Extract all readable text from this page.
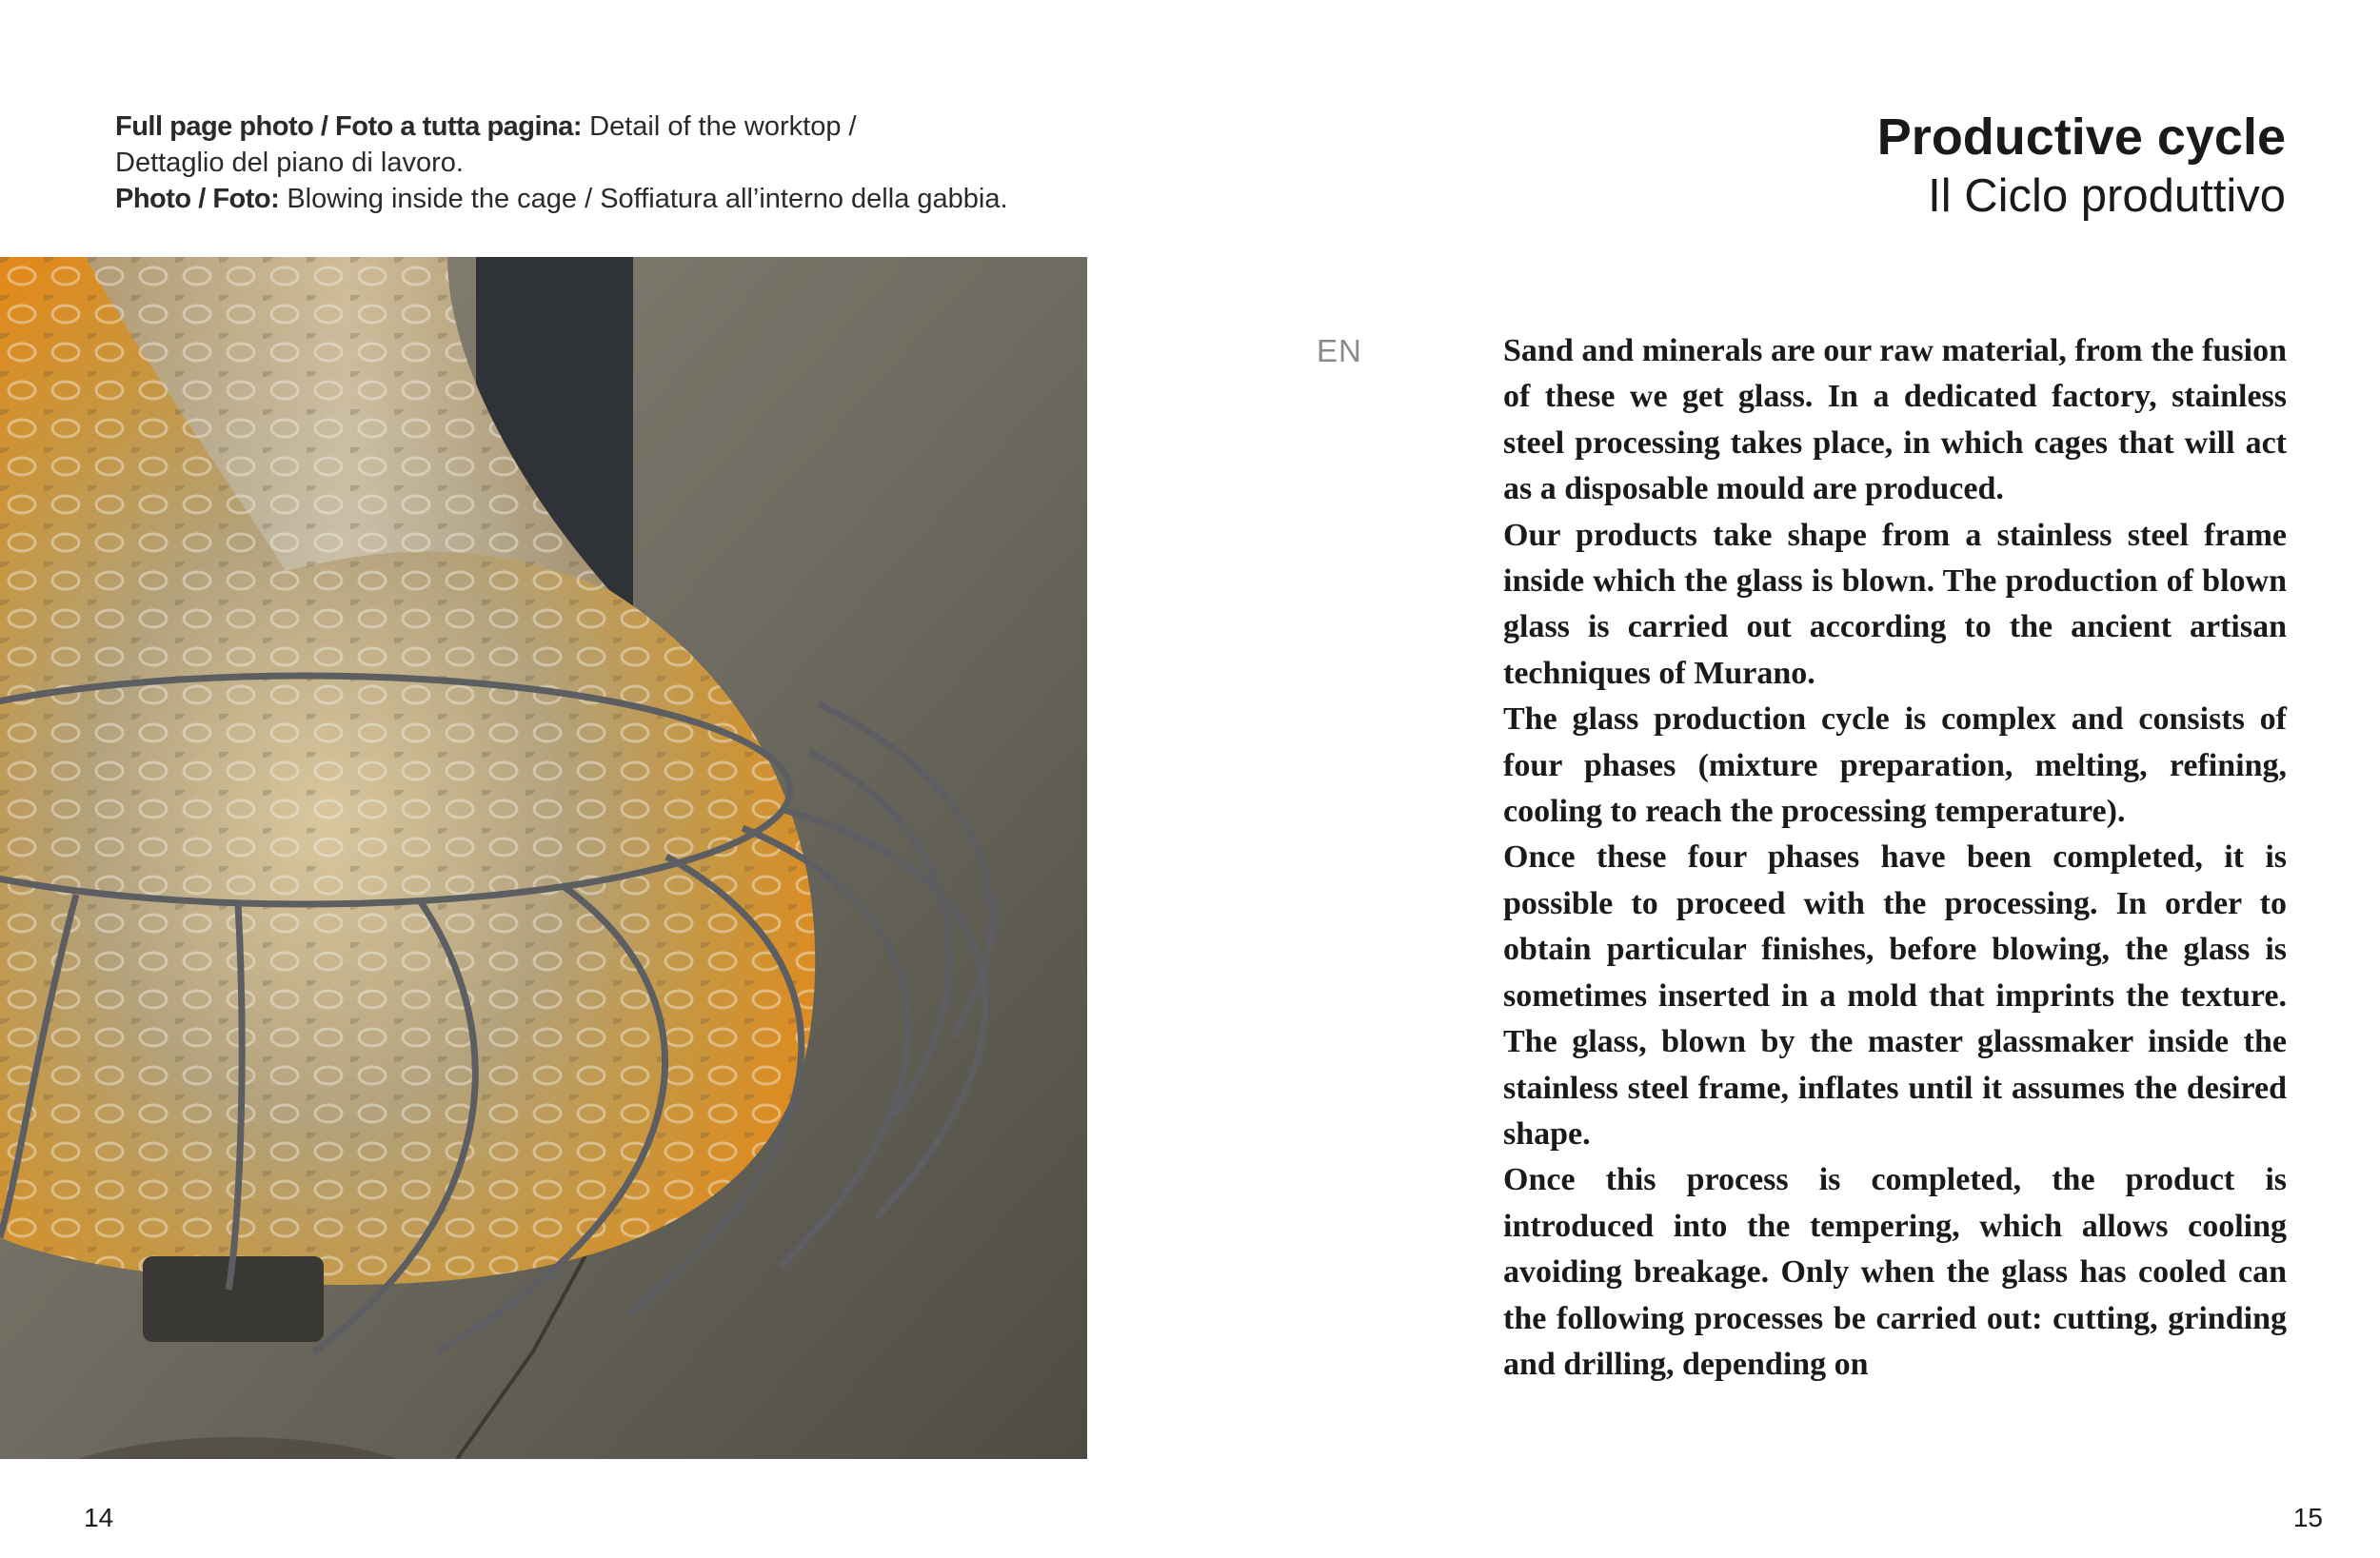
Full page photo / Foto a tutta pagina: Detail of the worktop /
Dettaglio del piano di lavoro.
Photo / Foto: Blowing inside the cage / Soffiatura all’interno della gabbia.
Productive cycle
Il Ciclo produttivo
EN	Sand and minerals are our raw material, from the fusion of these we get glass. In a dedicated factory, stainless steel processing takes place, in which cages that will act as a disposable mould are produced.

Our products take shape from a stainless steel frame inside which the glass is blown. The production of blown glass is carried out according to the ancient artisan techniques of Murano.

The glass production cycle is complex and consists of four phases (mixture preparation, melting, refining, cooling to reach the processing temperature).

Once these four phases have been completed, it is possible to proceed with the processing. In order to obtain particular finishes, before blowing, the glass is sometimes inserted in a mold that imprints the texture. The glass, blown by the master glassmaker inside the stainless steel frame, inflates until it assumes the desired shape.

Once this process is completed, the product is introduced into the tempering, which allows cooling avoiding breakage. Only when the glass has cooled can the following processes be carried out: cutting, grinding and drilling, depending on

14	15
